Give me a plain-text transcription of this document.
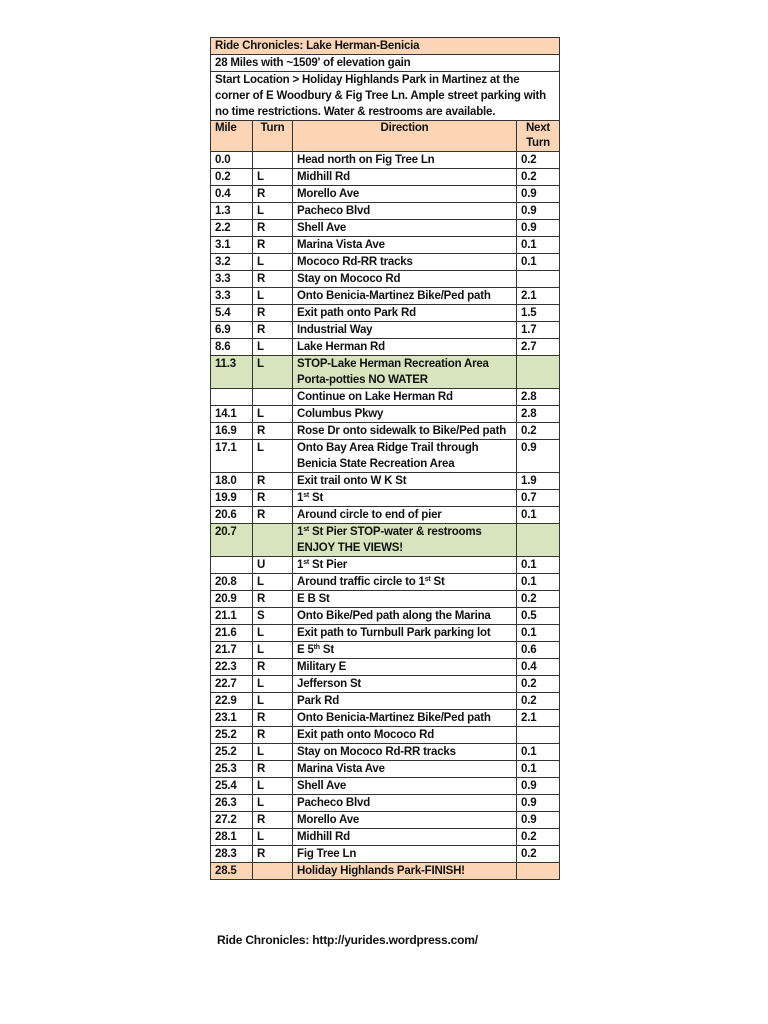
Ride Chronicles: Lake Herman-Benicia			
28 Miles with ~1509' of elevation gain			
Start Location > Holiday Highlands Park in Martinez at the corner of E Woodbury & Fig Tree Ln. Ample street parking with no time restrictions. Water & restrooms are available.			
Mile	Turn	Direction	Next Turn
0.0		Head north on Fig Tree Ln	0.2
0.2	L	Midhill Rd	0.2
0.4	R	Morello Ave	0.9
1.3	L	Pacheco Blvd	0.9
2.2	R	Shell Ave	0.9
3.1	R	Marina Vista Ave	0.1
3.2	L	Mococo Rd-RR tracks	0.1
3.3	R	Stay on Mococo Rd	
3.3	L	Onto Benicia-Martinez Bike/Ped path	2.1
5.4	R	Exit path onto Park Rd	1.5
6.9	R	Industrial Way	1.7
8.6	L	Lake Herman Rd	2.7
11.3	L	STOP-Lake Herman Recreation Area Porta-potties NO WATER	
		Continue on Lake Herman Rd	2.8
14.1	L	Columbus Pkwy	2.8
16.9	R	Rose Dr onto sidewalk to Bike/Ped path	0.2
17.1	L	Onto Bay Area Ridge Trail through Benicia State Recreation Area	0.9
18.0	R	Exit trail onto W K St	1.9
19.9	R	1st St	0.7
20.6	R	Around circle to end of pier	0.1
20.7		1st St Pier STOP-water & restrooms ENJOY THE VIEWS!	
	U	1st St Pier	0.1
20.8	L	Around traffic circle to 1st St	0.1
20.9	R	E B St	0.2
21.1	S	Onto Bike/Ped path along the Marina	0.5
21.6	L	Exit path to Turnbull Park parking lot	0.1
21.7	L	E 5th St	0.6
22.3	R	Military E	0.4
22.7	L	Jefferson St	0.2
22.9	L	Park Rd	0.2
23.1	R	Onto Benicia-Martinez Bike/Ped path	2.1
25.2	R	Exit path onto Mococo Rd	
25.2	L	Stay on Mococo Rd-RR tracks	0.1
25.3	R	Marina Vista Ave	0.1
25.4	L	Shell Ave	0.9
26.3	L	Pacheco Blvd	0.9
27.2	R	Morello Ave	0.9
28.1	L	Midhill Rd	0.2
28.3	R	Fig Tree Ln	0.2
28.5		Holiday Highlands Park-FINISH!	
Ride Chronicles: http://yurides.wordpress.com/
